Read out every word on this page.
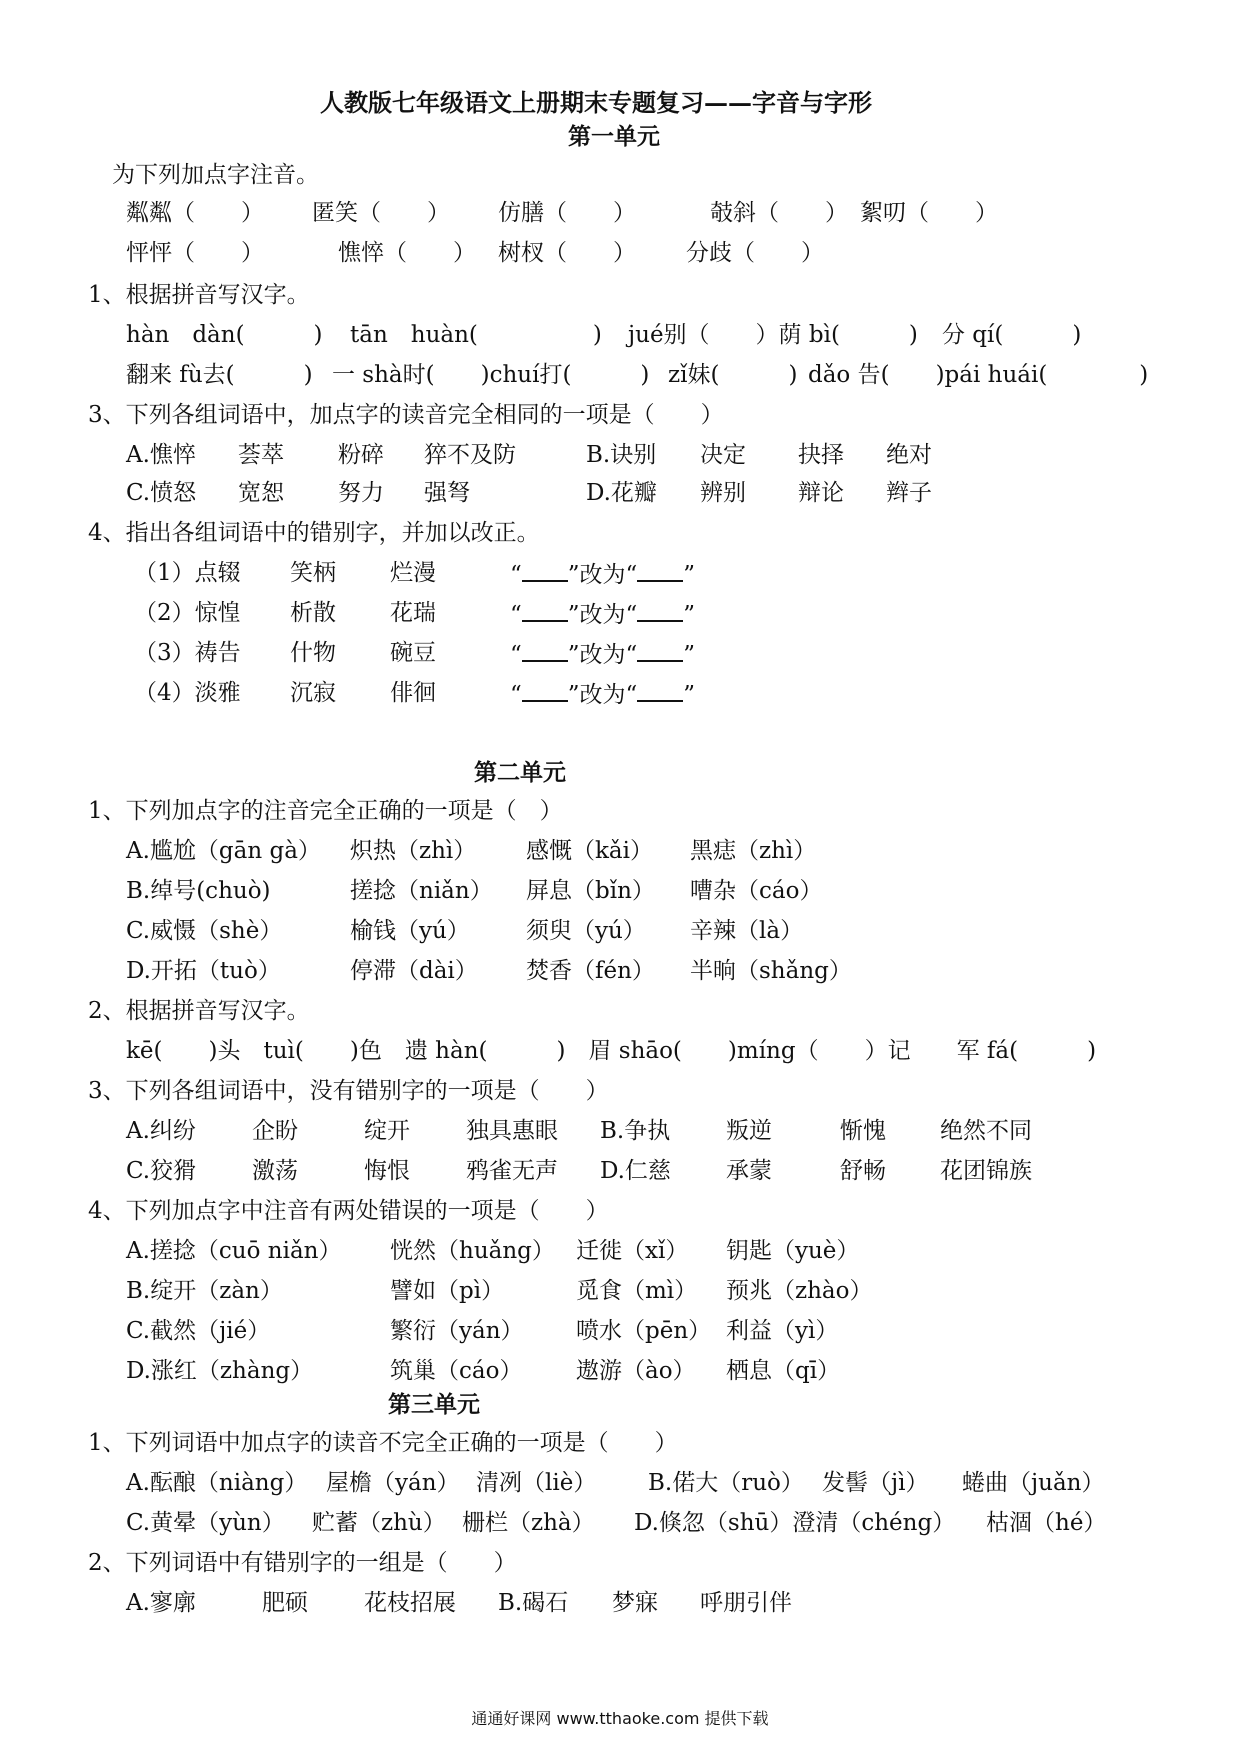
人教版七年级语文上册期末专题复习——字音与字形
第一单元
为下列加点字注音。
粼粼（　　） 匿笑（　　） 仿膳（　　）	攲斜（　　） 絮叨（　　）
怦怦（　　）	憔悴（　　） 树杈（　　） 分歧（　　）
1、根据拼音写汉字。
hàn　dàn(　　　) tān　huàn(　　　　　) jué别（　　）荫 bì(　　　) 分 qí(　　　)
翻来 fù去(　　　) 一 shà时(　　)chuí打(　　　) zǐ妹(　　　) dǎo 告(　　)pái huái(　　　　)
3、下列各组词语中，加点字的读音完全相同的一项是（　　）
A.憔悴 荟萃 粉碎 猝不及防	B.诀别 决定 抉择 绝对
C.愤怒 宽恕 努力 强弩	D.花瓣 辨别 辩论 辫子
4、指出各组词语中的错别字，并加以改正。
（1）点辍 笑柄 烂漫	“ ”改为“ ”
（2）惊惶 析散 花瑞	“ ”改为“ ”
（3）祷告 什物 碗豆	“ ”改为“ ”
（4）淡雅 沉寂 俳徊	“ ”改为“ ”
第二单元
1、下列加点字的注音完全正确的一项是（　）
A.尴尬（gān gà） 炽热（zhì） 感慨（kǎi） 黑痣（zhì）
B.绰号(chuò)	搓捻（niǎn） 屏息（bǐn） 嘈杂（cáo）
C.威慑（shè）	榆钱（yú） 须臾（yú） 辛辣（là）
D.开拓（tuò）	停滞（dài） 焚香（fén） 半晌（shǎng）
2、根据拼音写汉字。
kē(　　)头　tuì(　　)色　遗 hàn(　　　)　眉 shāo(　　)míng（　　）记　　军 fá(　　　)
3、下列各组词语中，没有错别字的一项是（　　）
A.纠纷 企盼	绽开 独具惠眼 B.争执 叛逆	惭愧 绝然不同
C.狡猾 激荡	悔恨 鸦雀无声 D.仁慈 承蒙	舒畅 花团锦族
4、下列加点字中注音有两处错误的一项是（　　）
A.搓捻（cuō niǎn） 恍然（huǎng） 迁徙（xǐ） 钥匙（yuè）
B.绽开（zàn）	譬如（pì）	觅食（mì） 预兆（zhào）
C.截然（jié）	繁衍（yán） 喷水（pēn） 利益（yì）
D.涨红（zhàng）	筑巢（cáo） 遨游（ào） 栖息（qī）
第三单元
1、下列词语中加点字的读音不完全正确的一项是（　　）
A.酝酿（niàng） 屋檐（yán） 清冽（liè） B.偌大（ruò） 发髻（jì） 蜷曲（juǎn）
C.黄晕（yùn） 贮蓄（zhù） 栅栏（zhà） D.倏忽（shū）澄清（chéng） 枯涸（hé）
2、下列词语中有错别字的一组是（　　）
A.寥廓	肥硕 花枝招展 B.碣石 梦寐 呼朋引伴
通通好课网 www.tthaoke.com 提供下载
